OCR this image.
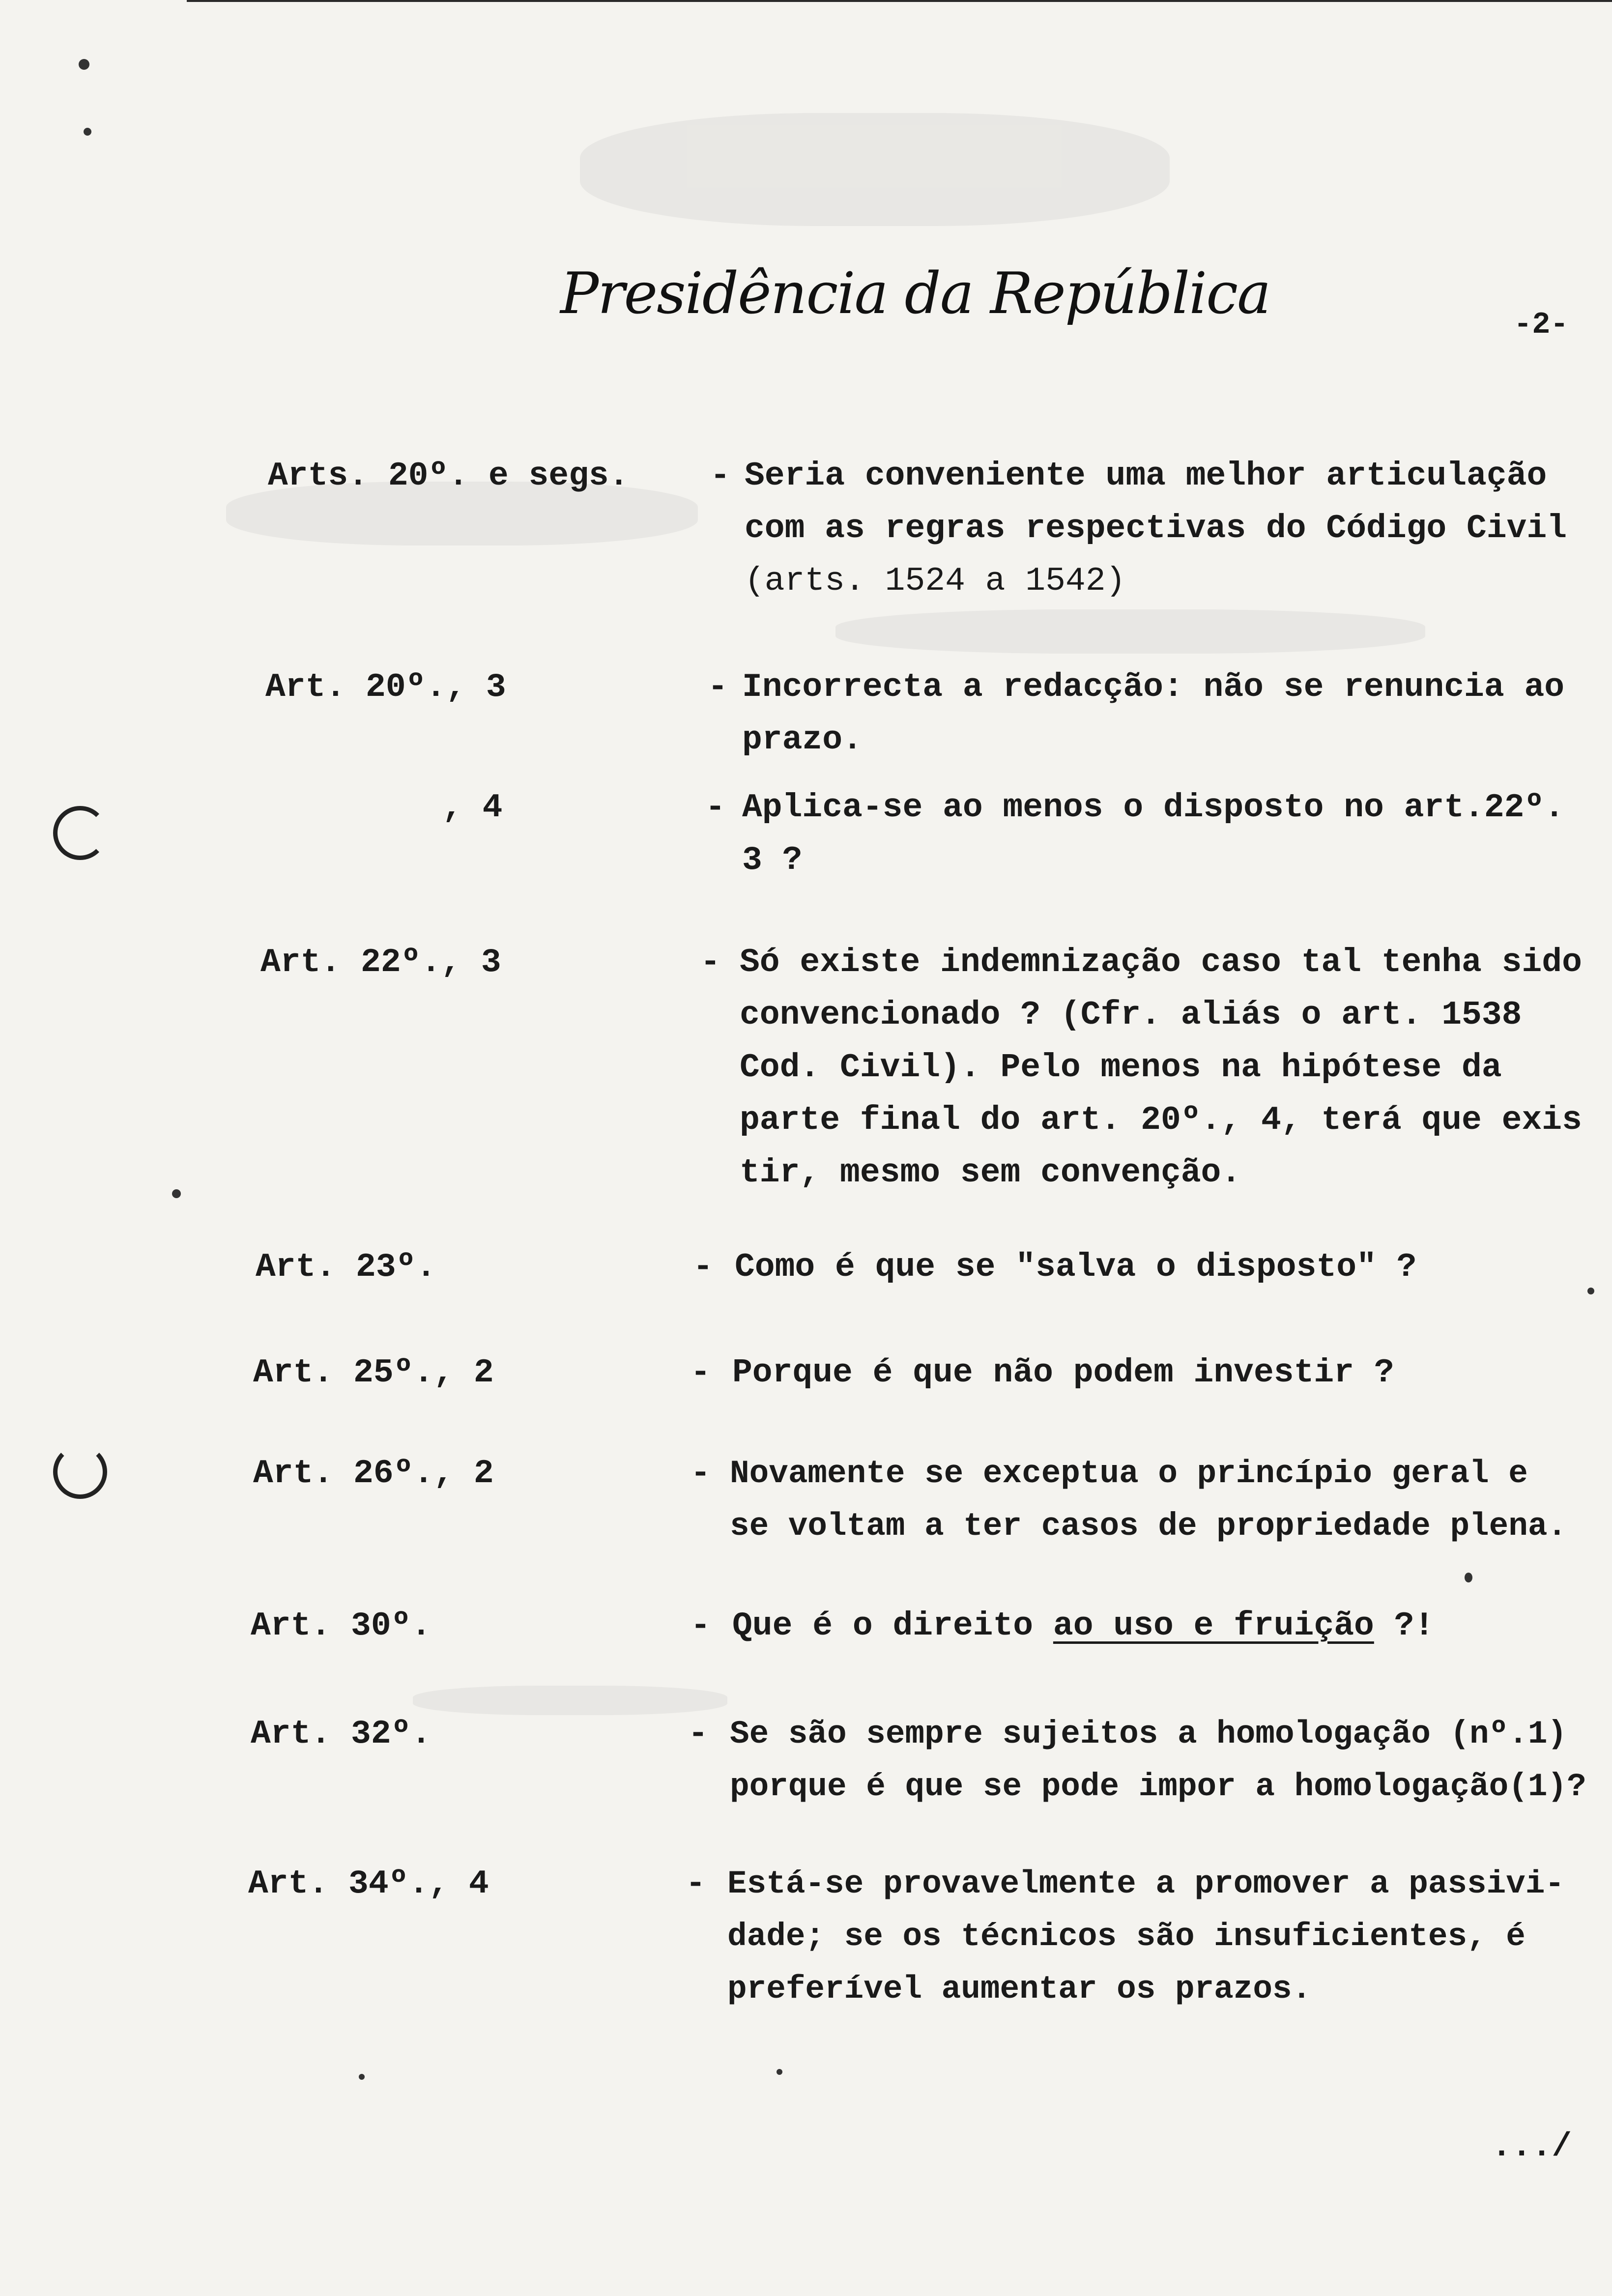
Presidência da República	-2-
Arts. 20º. e segs. - Seria conveniente uma melhor articulação
com as regras respectivas do Código Civil
(arts. 1524 a 1542)
Art. 20º., 3	- Incorrecta a redacção: não se renuncia ao
prazo.
, 4	- Aplica-se ao menos o disposto no art.22º.
3 ?
Art. 22º., 3	- Só existe indemnização caso tal tenha sido
convencionado ? (Cfr. aliás o art. 1538
Cod. Civil). Pelo menos na hipótese da
parte final do art. 20º., 4, terá que exis
tir, mesmo sem convenção.
Art. 23º.	- Como é que se "salva o disposto" ?
Art. 25º., 2	- Porque é que não podem investir ?
Art. 26º., 2	- Novamente se exceptua o princípio geral e
se voltam a ter casos de propriedade plena.
Art. 30º.	- Que é o direito ao uso e fruição ?!
Art. 32º.	- Se são sempre sujeitos a homologação (nº.1)
porque é que se pode impor a homologação(1)?
Art. 34º., 4	- Está-se provavelmente a promover a passivi-
dade; se os técnicos são insuficientes, é
preferível aumentar os prazos.
.../
